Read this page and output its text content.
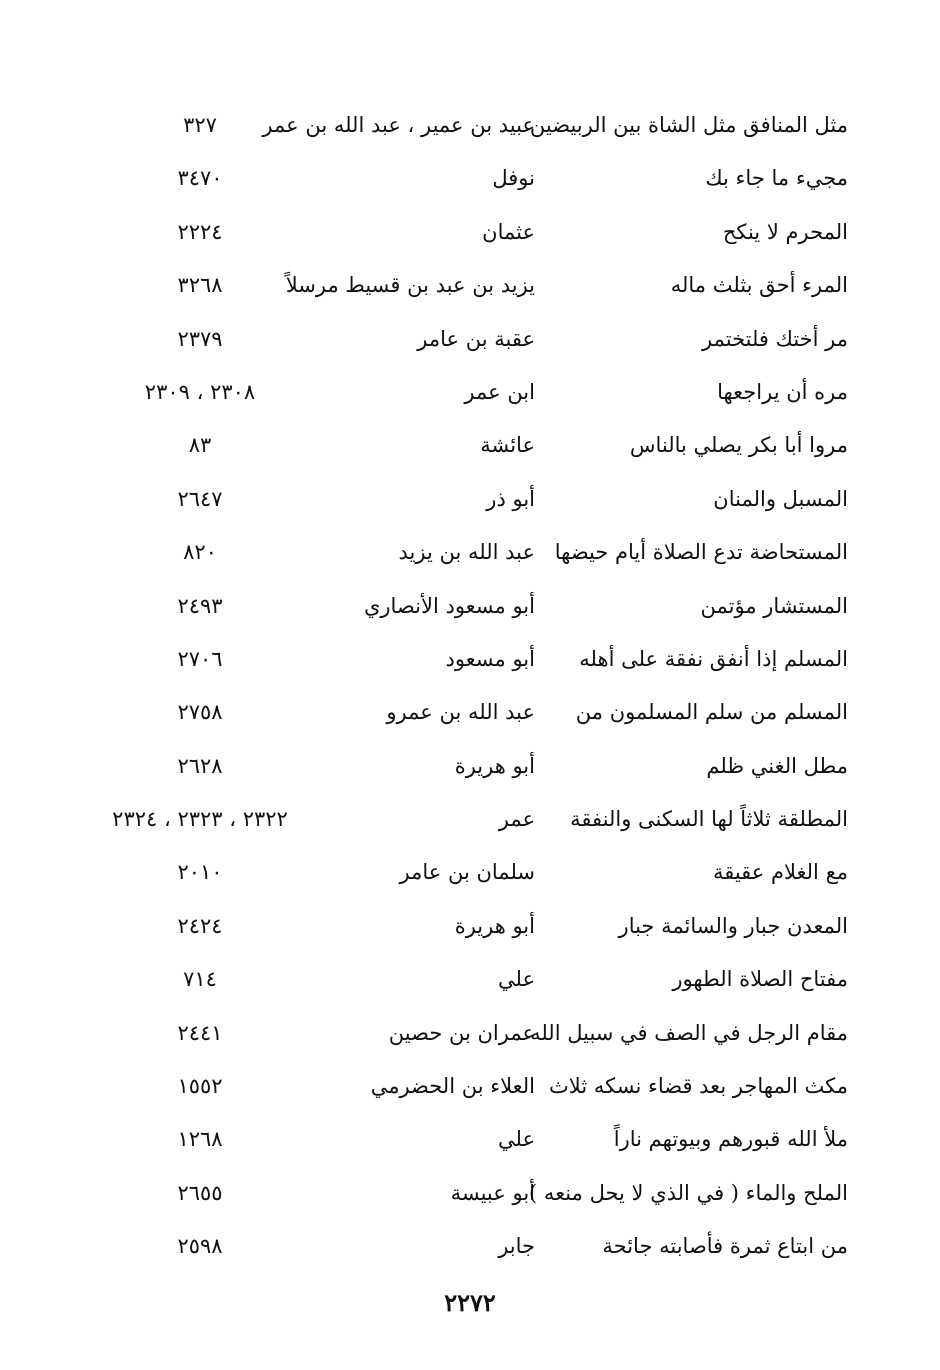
مثل المنافق مثل الشاة بين الربيضين
عبيد بن عمير ، عبد الله بن عمر
٣٢٧
مجيء ما جاء بك
نوفل
٣٤٧٠
المحرم لا ينكح
عثمان
٢٢٢٤
المرء أحق بثلث ماله
يزيد بن عبد بن قسيط مرسلاً
٣٢٦٨
مر أختك فلتختمر
عقبة بن عامر
٢٣٧٩
مره أن يراجعها
ابن عمر
٢٣٠٨ ، ٢٣٠٩
مروا أبا بكر يصلي بالناس
عائشة
٨٣
المسبل والمنان
أبو ذر
٢٦٤٧
المستحاضة تدع الصلاة أيام حيضها
عبد الله بن يزيد
٨٢٠
المستشار مؤتمن
أبو مسعود الأنصاري
٢٤٩٣
المسلم إذا أنفق نفقة على أهله
أبو مسعود
٢٧٠٦
المسلم من سلم المسلمون من
عبد الله بن عمرو
٢٧٥٨
مطل الغني ظلم
أبو هريرة
٢٦٢٨
المطلقة ثلاثاً لها السكنى والنفقة
عمر
٢٣٢٢ ، ٢٣٢٣ ، ٢٣٢٤
مع الغلام عقيقة
سلمان بن عامر
٢٠١٠
المعدن جبار والسائمة جبار
أبو هريرة
٢٤٢٤
مفتاح الصلاة الطهور
علي
٧١٤
مقام الرجل في الصف في سبيل الله
عمران بن حصين
٢٤٤١
مكث المهاجر بعد قضاء نسكه ثلاث
العلاء بن الحضرمي
١٥٥٢
ملأ الله قبورهم وبيوتهم ناراً
علي
١٢٦٨
الملح والماء ( في الذي لا يحل منعه )
أبو عبيسة
٢٦٥٥
من ابتاع ثمرة فأصابته جائحة
جابر
٢٥٩٨
٢٢٧٢
